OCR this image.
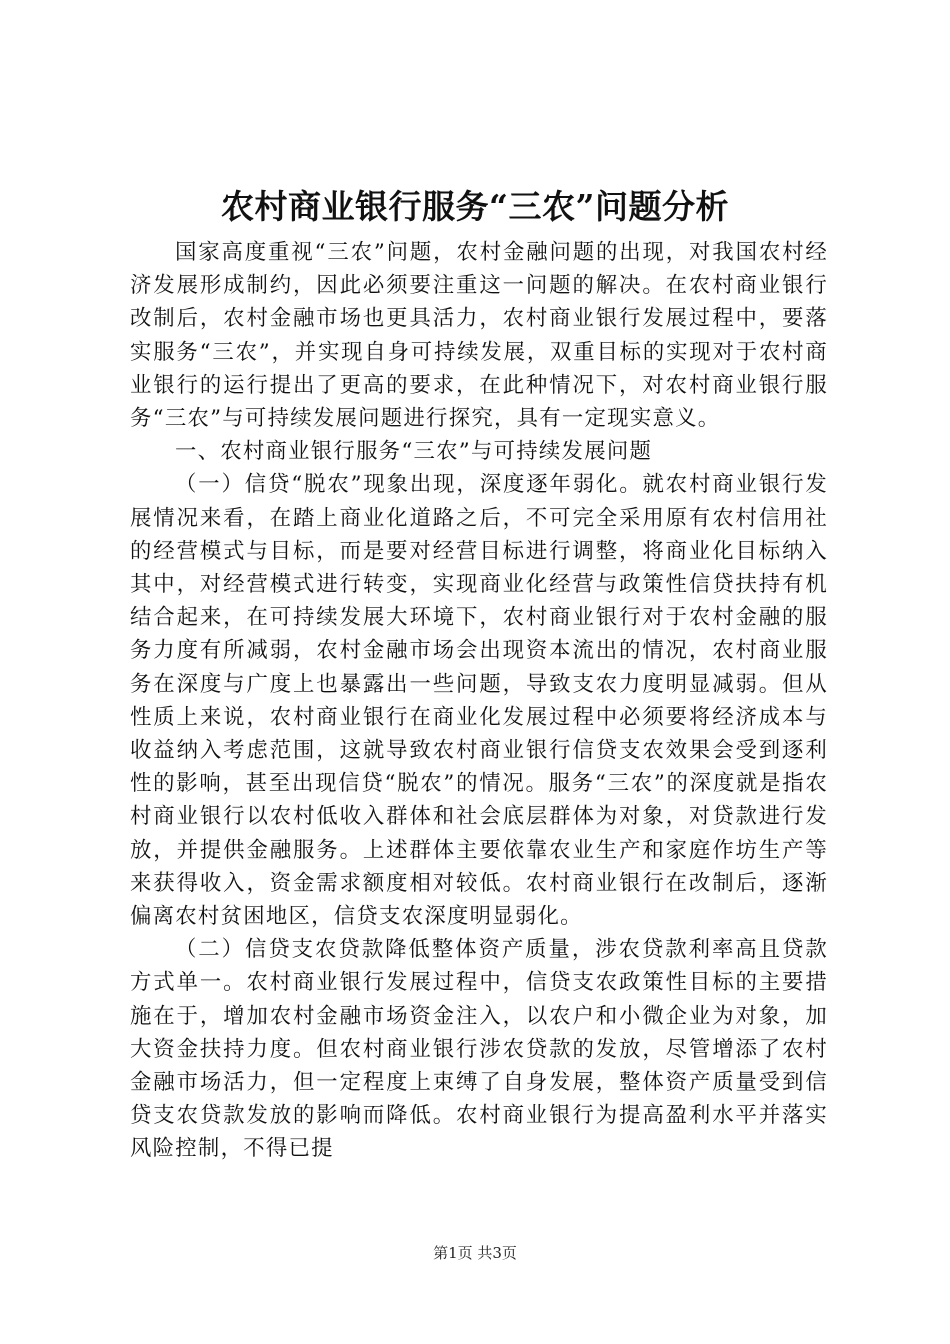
农村商业银行服务“三农”问题分析

国家高度重视“三农”问题，农村金融问题的出现，对我国农村经济发展形成制约，因此必须要注重这一问题的解决。在农村商业银行改制后，农村金融市场也更具活力，农村商业银行发展过程中，要落实服务“三农”，并实现自身可持续发展，双重目标的实现对于农村商业银行的运行提出了更高的要求，在此种情况下，对农村商业银行服务“三农”与可持续发展问题进行探究，具有一定现实意义。

一、农村商业银行服务“三农”与可持续发展问题

（一）信贷“脱农”现象出现，深度逐年弱化。就农村商业银行发展情况来看，在踏上商业化道路之后，不可完全采用原有农村信用社的经营模式与目标，而是要对经营目标进行调整，将商业化目标纳入其中，对经营模式进行转变，实现商业化经营与政策性信贷扶持有机结合起来，在可持续发展大环境下，农村商业银行对于农村金融的服务力度有所减弱，农村金融市场会出现资本流出的情况，农村商业服务在深度与广度上也暴露出一些问题，导致支农力度明显减弱。但从性质上来说，农村商业银行在商业化发展过程中必须要将经济成本与收益纳入考虑范围，这就导致农村商业银行信贷支农效果会受到逐利性的影响，甚至出现信贷“脱农”的情况。服务“三农”的深度就是指农村商业银行以农村低收入群体和社会底层群体为对象，对贷款进行发放，并提供金融服务。上述群体主要依靠农业生产和家庭作坊生产等来获得收入，资金需求额度相对较低。农村商业银行在改制后，逐渐偏离农村贫困地区，信贷支农深度明显弱化。

（二）信贷支农贷款降低整体资产质量，涉农贷款利率高且贷款方式单一。农村商业银行发展过程中，信贷支农政策性目标的主要措施在于，增加农村金融市场资金注入，以农户和小微企业为对象，加大资金扶持力度。但农村商业银行涉农贷款的发放，尽管增添了农村金融市场活力，但一定程度上束缚了自身发展，整体资产质量受到信贷支农贷款发放的影响而降低。农村商业银行为提高盈利水平并落实风险控制，不得已提

第1页 共3页
